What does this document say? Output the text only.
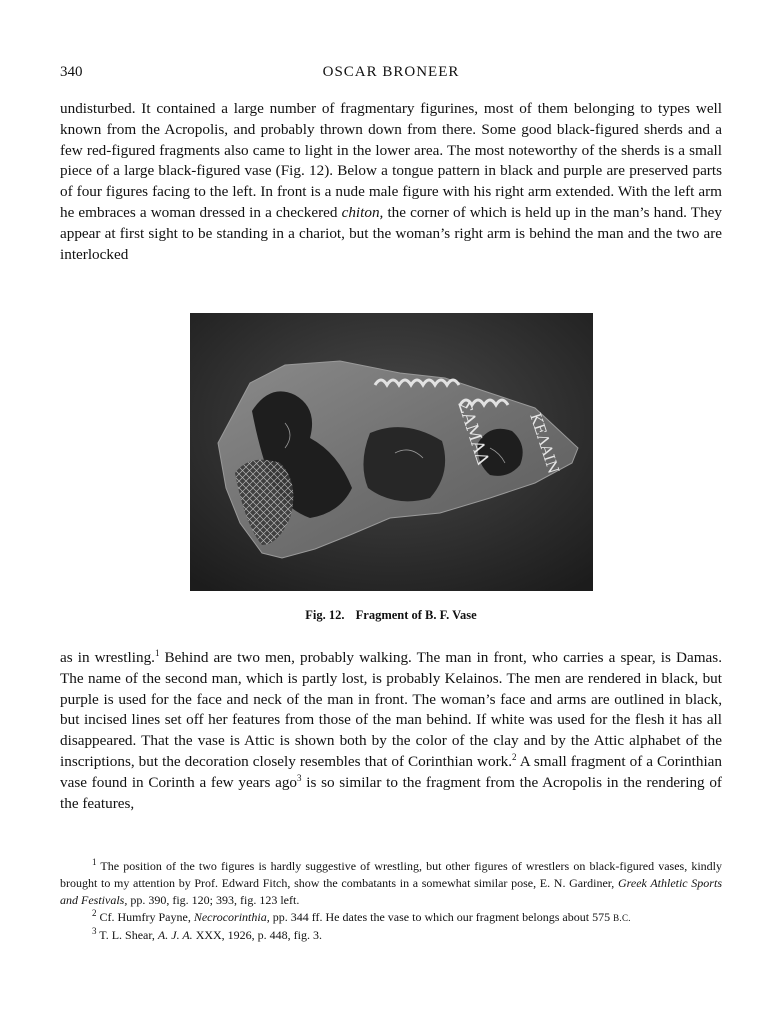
340	OSCAR BRONEER

undisturbed. It contained a large number of fragmentary figurines, most of them belonging to types well known from the Acropolis, and probably thrown down from there. Some good black-figured sherds and a few red-figured fragments also came to light in the lower area. The most noteworthy of the sherds is a small piece of a large black-figured vase (Fig. 12). Below a tongue pattern in black and purple are preserved parts of four figures facing to the left. In front is a nude male figure with his right arm extended. With the left arm he embraces a woman dressed in a checkered chiton, the corner of which is held up in the man’s hand. They appear at first sight to be standing in a chariot, but the woman’s right arm is behind the man and the two are interlocked

ΣΑΜΑΔ ΚΕΛΑΙΝ
Fig. 12. Fragment of B. F. Vase

as in wrestling.$^1$ Behind are two men, probably walking. The man in front, who carries a spear, is Damas. The name of the second man, which is partly lost, is probably Kelainos. The men are rendered in black, but purple is used for the face and neck of the man in front. The woman’s face and arms are outlined in black, but incised lines set off her features from those of the man behind. If white was used for the flesh it has all disappeared. That the vase is Attic is shown both by the color of the clay and by the Attic alphabet of the inscriptions, but the decoration closely resembles that of Corinthian work.$^2$ A small fragment of a Corinthian vase found in Corinth a few years ago$^3$ is so similar to the fragment from the Acropolis in the rendering of the features,

$^1$ The position of the two figures is hardly suggestive of wrestling, but other figures of wrestlers on black-figured vases, kindly brought to my attention by Prof. Edward Fitch, show the combatants in a somewhat similar pose, E. N. Gardiner, Greek Athletic Sports and Festivals, pp. 390, fig. 120; 393, fig. 123 left.

$^2$ Cf. Humfry Payne, Necrocorinthia, pp. 344 ff. He dates the vase to which our fragment belongs about 575 B.C.

$^3$ T. L. Shear, A. J. A. XXX, 1926, p. 448, fig. 3.
